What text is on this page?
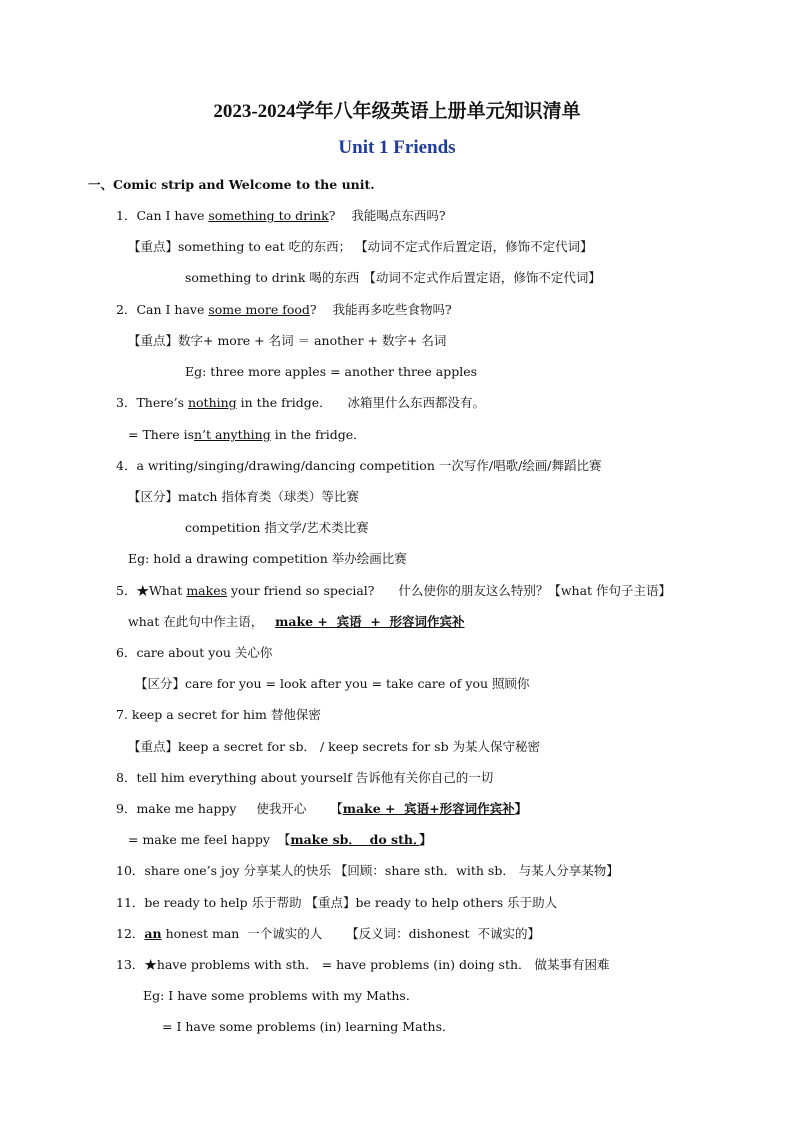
2023-2024学年八年级英语上册单元知识清单
Unit 1 Friends
一、Comic strip and Welcome to the unit.
1．Can I have something to drink?    我能喝点东西吗?
【重点】something to eat 吃的东西； 【动词不定式作后置定语，修饰不定代词】
something to drink 喝的东西 【动词不定式作后置定语，修饰不定代词】
2．Can I have some more food?    我能再多吃些食物吗?
【重点】数字+ more + 名词 ＝ another + 数字+ 名词
Eg: three more apples = another three apples
3．There’s nothing in the fridge．    冰箱里什么东西都没有。
= There isn’t anything in the fridge．
4．a writing/singing/drawing/dancing competition 一次写作/唱歌/绘画/舞蹈比赛
【区分】match 指体育类（球类）等比赛
competition 指文学/艺术类比赛
Eg: hold a drawing competition 举办绘画比赛
5．★What makes your friend so special?      什么使你的朋友这么特别？【what 作句子主语】
what 在此句中作主语，   make +  宾语  +  形容词作宾补
6．care about you 关心你
【区分】care for you = look after you = take care of you 照顾你
7. keep a secret for him 替他保密
【重点】keep a secret for sb． / keep secrets for sb 为某人保守秘密
8．tell him everything about yourself 告诉他有关你自己的一切
9．make me happy     使我开心      【make +  宾语+形容词作宾补】
= make me feel happy  【make sb．  do sth．】
10．share one’s joy 分享某人的快乐 【回顾：share sth．with sb． 与某人分享某物】
11．be ready to help 乐于帮助 【重点】be ready to help others 乐于助人
12．an honest man  一个诚实的人      【反义词：dishonest  不诚实的】
13．★have problems with sth． = have problems (in) doing sth． 做某事有困难
Eg: I have some problems with my Maths．
= I have some problems (in) learning Maths．
